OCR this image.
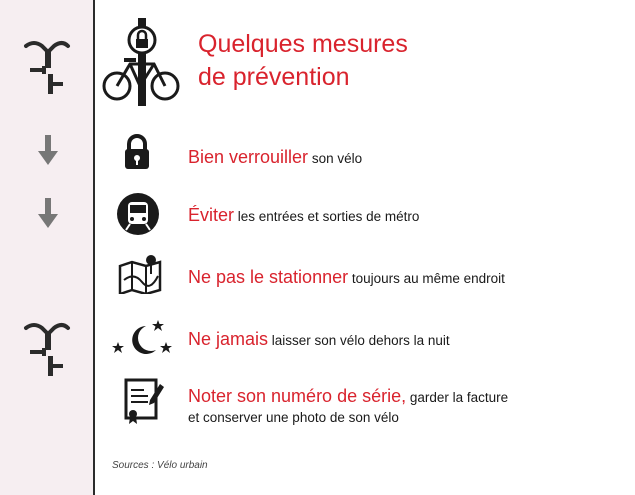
Quelques mesures
de prévention
Bien verrouiller son vélo
Éviter les entrées et sorties de métro
Ne pas le stationner toujours au même endroit
Ne jamais laisser son vélo dehors la nuit
Noter son numéro de série, garder la facture
et conserver une photo de son vélo
Sources : Vélo urbain
